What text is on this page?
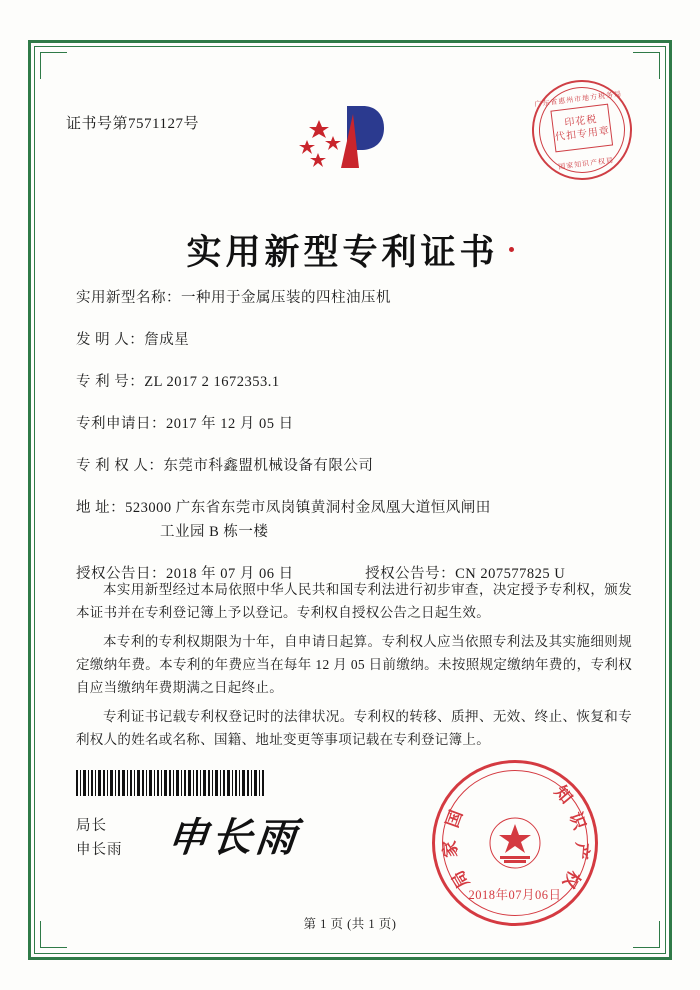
证书号第7571127号
广东省惠州市地方税务局
印花税
代扣专用章
国家知识产权局
实用新型专利证书
实用新型名称： 一种用于金属压装的四柱油压机
发 明 人： 詹成星
专 利 号： ZL 2017 2 1672353.1
专利申请日： 2017 年 12 月 05 日
专 利 权 人： 东莞市科鑫盟机械设备有限公司
地 址： 523000 广东省东莞市凤岗镇黄洞村金凤凰大道恒风闸田
工业园 B 栋一楼
授权公告日： 2018 年 07 月 06 日	授权公告号： CN 207577825 U

本实用新型经过本局依照中华人民共和国专利法进行初步审查，决定授予专利权，颁发本证书并在专利登记簿上予以登记。专利权自授权公告之日起生效。

本专利的专利权期限为十年，自申请日起算。专利权人应当依照专利法及其实施细则规定缴纳年费。本专利的年费应当在每年 12 月 05 日前缴纳。未按照规定缴纳年费的，专利权自应当缴纳年费期满之日起终止。

专利证书记载专利权登记时的法律状况。专利权的转移、质押、无效、终止、恢复和专利权人的姓名或名称、国籍、地址变更等事项记载在专利登记簿上。

局长
申长雨 申长雨
知
识
产
权
局
家
国
2018年07月06日
第 1 页 (共 1 页)
